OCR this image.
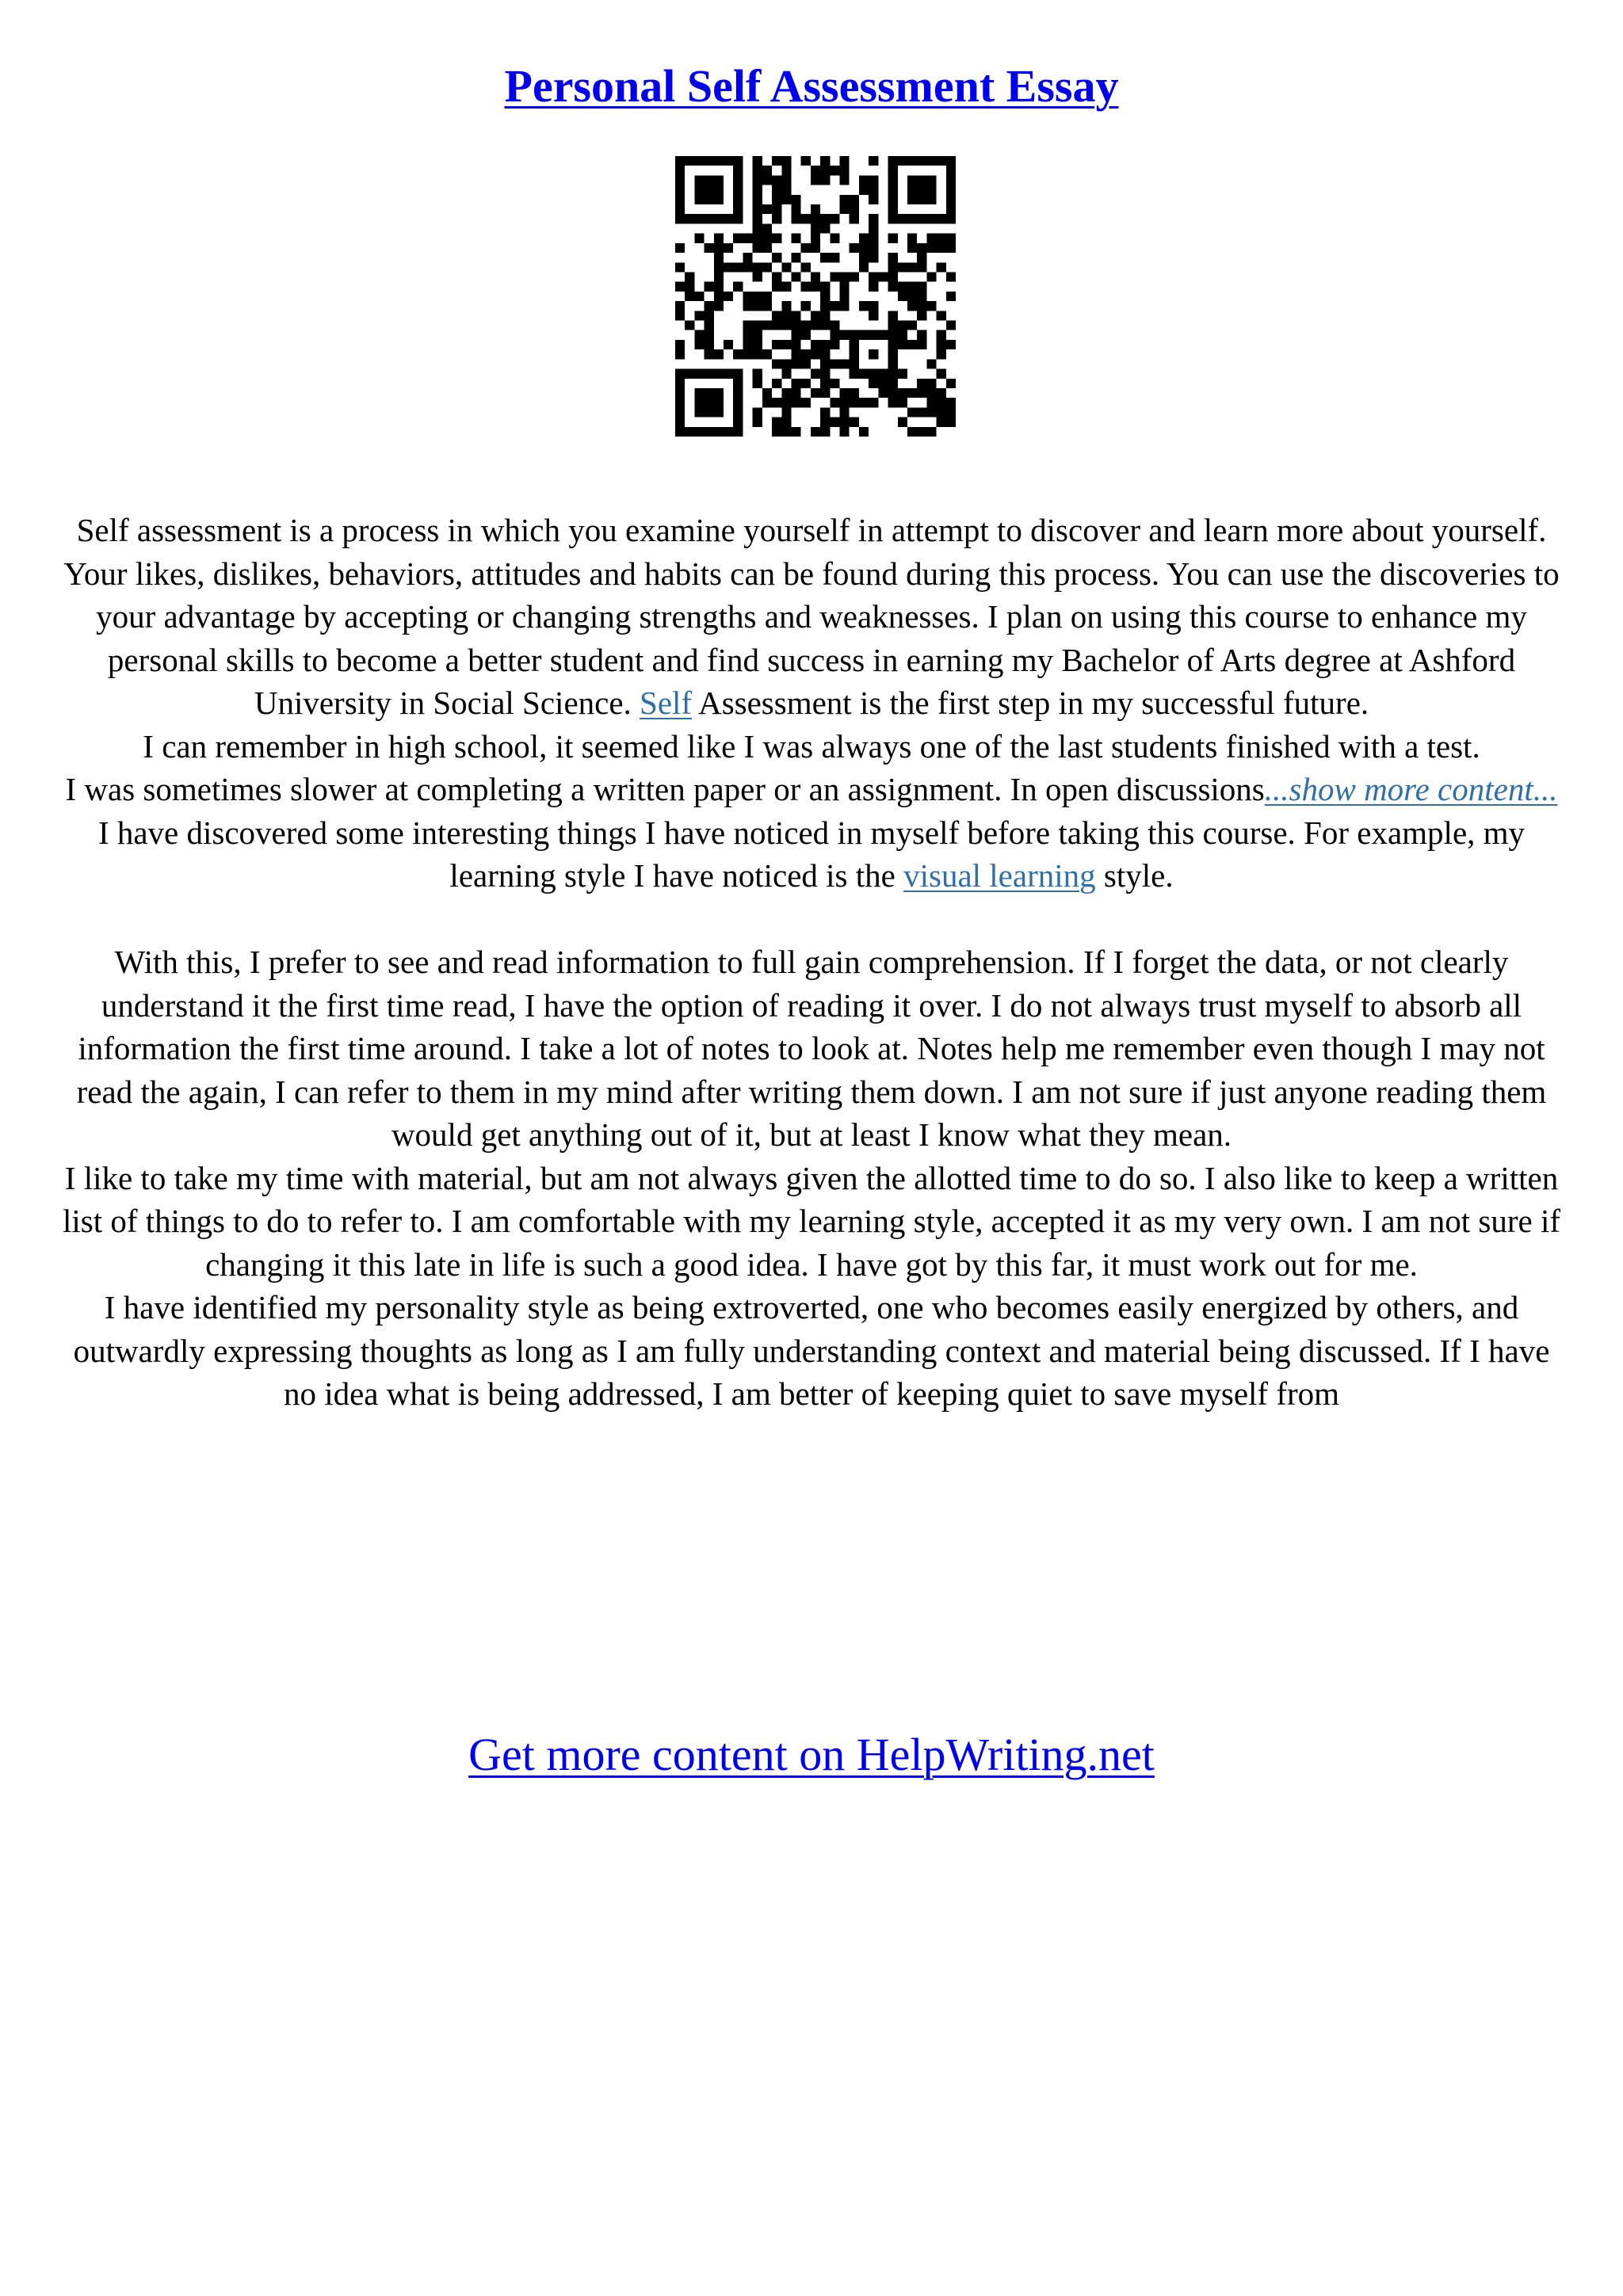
Personal Self Assessment Essay

Self assessment is a process in which you examine yourself in attempt to discover and learn more about yourself. Your likes, dislikes, behaviors, attitudes and habits can be found during this process. You can use the discoveries to your advantage by accepting or changing strengths and weaknesses. I plan on using this course to enhance my personal skills to become a better student and find success in earning my Bachelor of Arts degree at Ashford University in Social Science. Self Assessment is the first step in my successful future.

I can remember in high school, it seemed like I was always one of the last students finished with a test.

I was sometimes slower at completing a written paper or an assignment. In open discussions...show more content...

I have discovered some interesting things I have noticed in myself before taking this course. For example, my learning style I have noticed is the visual learning style.

With this, I prefer to see and read information to full gain comprehension. If I forget the data, or not clearly understand it the first time read, I have the option of reading it over. I do not always trust myself to absorb all information the first time around. I take a lot of notes to look at. Notes help me remember even though I may not read the again, I can refer to them in my mind after writing them down. I am not sure if just anyone reading them would get anything out of it, but at least I know what they mean.

I like to take my time with material, but am not always given the allotted time to do so. I also like to keep a written list of things to do to refer to. I am comfortable with my learning style, accepted it as my very own. I am not sure if changing it this late in life is such a good idea. I have got by this far, it must work out for me.

I have identified my personality style as being extroverted, one who becomes easily energized by others, and outwardly expressing thoughts as long as I am fully understanding context and material being discussed. If I have no idea what is being addressed, I am better of keeping quiet to save myself from

Get more content on HelpWriting.net
